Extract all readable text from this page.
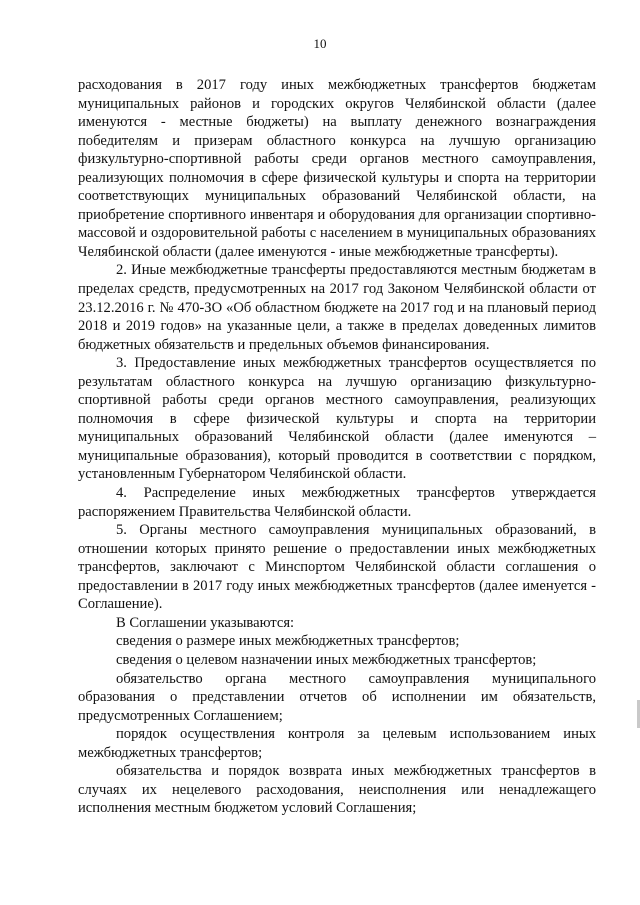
10

расходования в 2017 году иных межбюджетных трансфертов бюджетам муниципальных районов и городских округов Челябинской области (далее именуются - местные бюджеты) на выплату денежного вознаграждения победителям и призерам областного конкурса на лучшую организацию физкультурно-спортивной работы среди органов местного самоуправления, реализующих полномочия в сфере физической культуры и спорта на территории соответствующих муниципальных образований Челябинской области, на приобретение спортивного инвентаря и оборудования для организации спортивно-массовой и оздоровительной работы с населением в муниципальных образованиях Челябинской области (далее именуются - иные межбюджетные трансферты).

2. Иные межбюджетные трансферты предоставляются местным бюджетам в пределах средств, предусмотренных на 2017 год Законом Челябинской области от 23.12.2016 г. № 470-ЗО «Об областном бюджете на 2017 год и на плановый период 2018 и 2019 годов» на указанные цели, а также в пределах доведенных лимитов бюджетных обязательств и предельных объемов финансирования.

3. Предоставление иных межбюджетных трансфертов осуществляется по результатам областного конкурса на лучшую организацию физкультурно-спортивной работы среди органов местного самоуправления, реализующих полномочия в сфере физической культуры и спорта на территории муниципальных образований Челябинской области (далее именуются – муниципальные образования), который проводится в соответствии с порядком, установленным Губернатором Челябинской области.

4. Распределение иных межбюджетных трансфертов утверждается распоряжением Правительства Челябинской области.

5. Органы местного самоуправления муниципальных образований, в отношении которых принято решение о предоставлении иных межбюджетных трансфертов, заключают с Минспортом Челябинской области соглашения о предоставлении в 2017 году иных межбюджетных трансфертов (далее именуется - Соглашение).

В Соглашении указываются:

сведения о размере иных межбюджетных трансфертов;

сведения о целевом назначении иных межбюджетных трансфертов;

обязательство органа местного самоуправления муниципального образования о представлении отчетов об исполнении им обязательств, предусмотренных Соглашением;

порядок осуществления контроля за целевым использованием иных межбюджетных трансфертов;

обязательства и порядок возврата иных межбюджетных трансфертов в случаях их нецелевого расходования, неисполнения или ненадлежащего исполнения местным бюджетом условий Соглашения;
